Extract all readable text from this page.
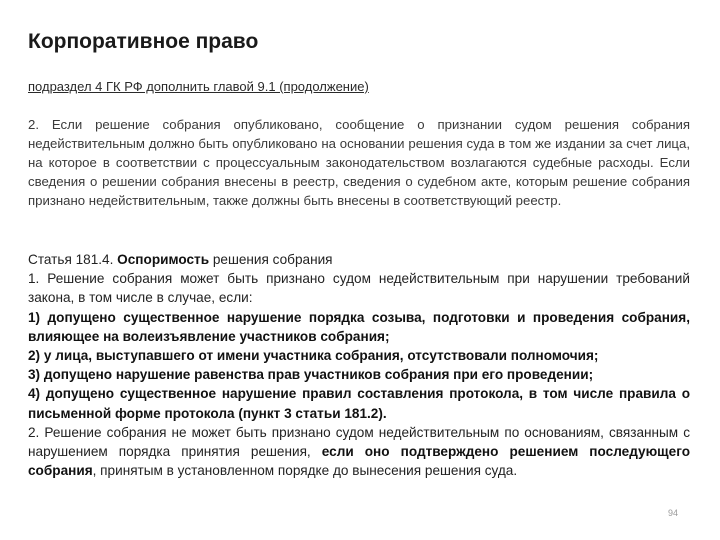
Корпоративное право
подраздел 4 ГК РФ дополнить главой 9.1 (продолжение)
2. Если решение собрания опубликовано, сообщение о признании судом решения собрания недействительным должно быть опубликовано на основании решения суда в том же издании за счет лица, на которое в соответствии с процессуальным законодательством возлагаются судебные расходы. Если сведения о решении собрания внесены в реестр, сведения о судебном акте, которым решение собрания признано недействительным, также должны быть внесены в соответствующий реестр.

Статья 181.4. Оспоримость решения собрания

1. Решение собрания может быть признано судом недействительным при нарушении требований закона, в том числе в случае, если:

1) допущено существенное нарушение порядка созыва, подготовки и проведения собрания, влияющее на волеизъявление участников собрания;

2) у лица, выступавшего от имени участника собрания, отсутствовали полномочия;

3) допущено нарушение равенства прав участников собрания при его проведении;

4) допущено существенное нарушение правил составления протокола, в том числе правила о письменной форме протокола (пункт 3 статьи 181.2).

2. Решение собрания не может быть признано судом недействительным по основаниям, связанным с нарушением порядка принятия решения, если оно подтверждено решением последующего собрания, принятым в установленном порядке до вынесения решения суда.

94
